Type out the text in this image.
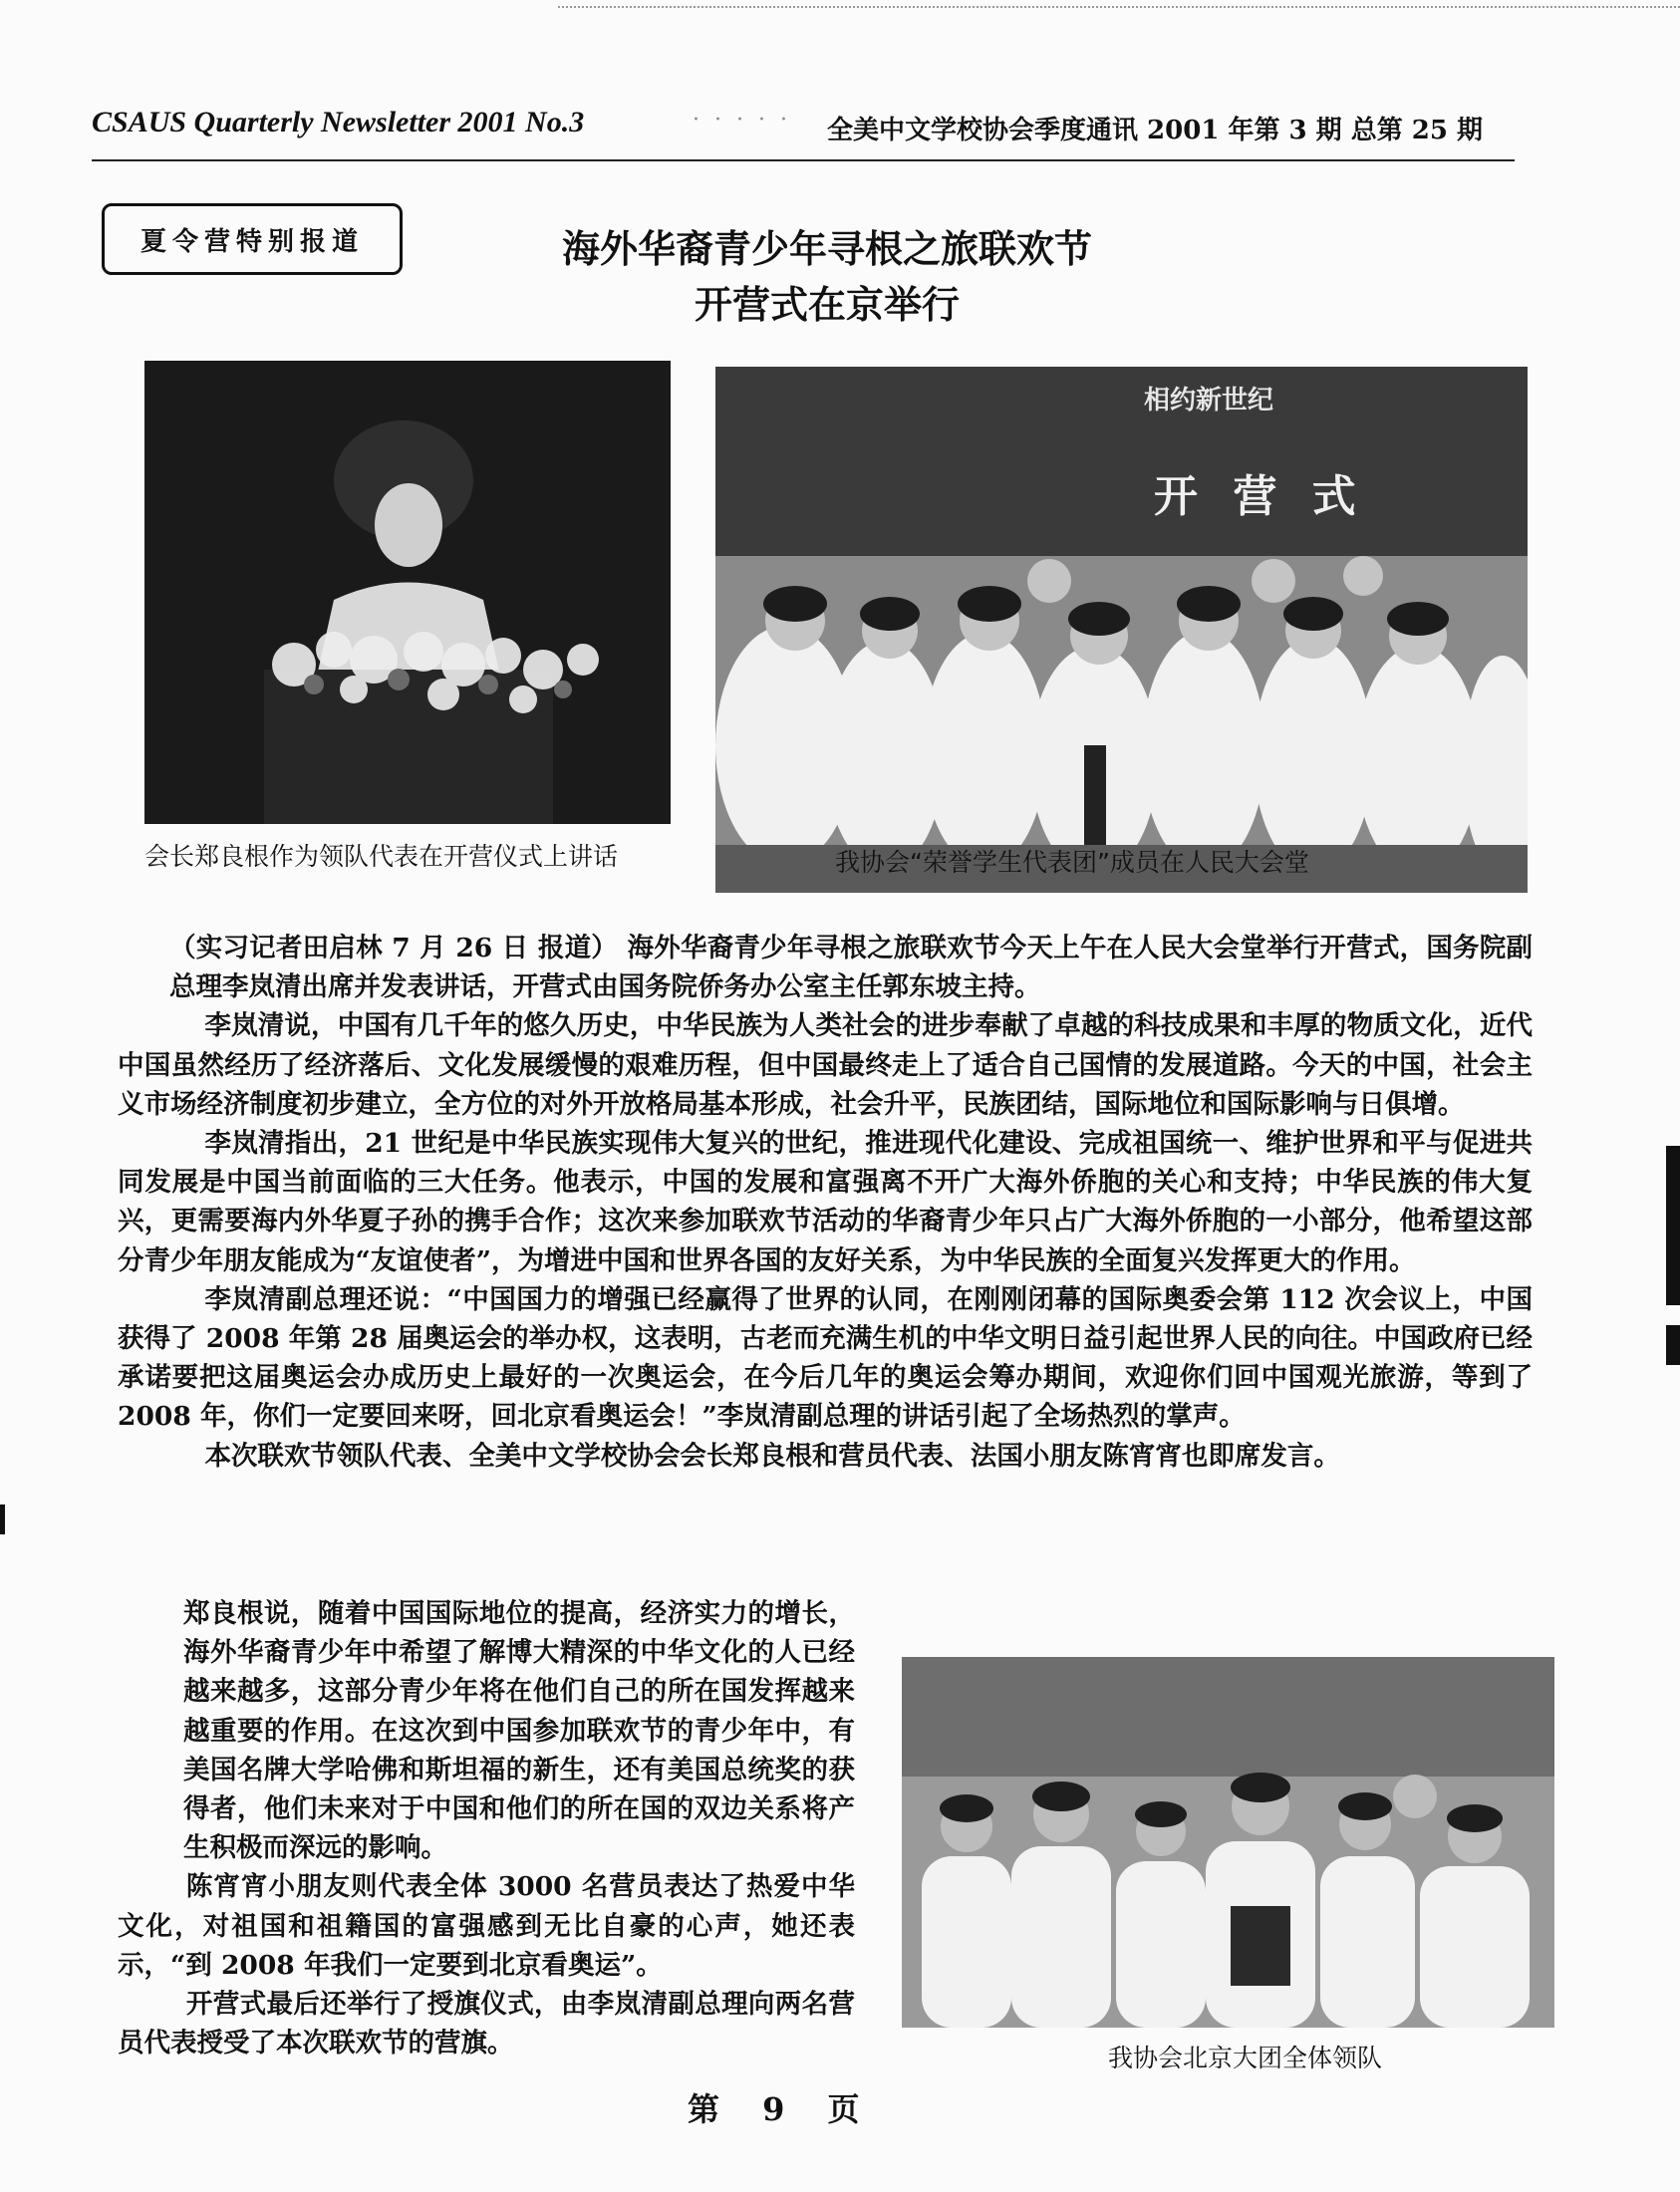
CSAUS Quarterly Newsletter 2001 No.3	· · · · · 全美中文学校协会季度通讯 2001 年第 3 期 总第 25 期
夏令营特别报道	海外华裔青少年寻根之旅联欢节
开营式在京举行
会长郑良根作为领队代表在开营仪式上讲话
相约新世纪
开 营 式
我协会“荣誉学生代表团”成员在人民大会堂

（实习记者田启林 7 月 26 日 报道） 海外华裔青少年寻根之旅联欢节今天上午在人民大会堂举行开营式，国务院副总理李岚清出席并发表讲话，开营式由国务院侨务办公室主任郭东坡主持。

李岚清说，中国有几千年的悠久历史，中华民族为人类社会的进步奉献了卓越的科技成果和丰厚的物质文化，近代中国虽然经历了经济落后、文化发展缓慢的艰难历程，但中国最终走上了适合自己国情的发展道路。今天的中国，社会主义市场经济制度初步建立，全方位的对外开放格局基本形成，社会升平，民族团结，国际地位和国际影响与日俱增。

李岚清指出，21 世纪是中华民族实现伟大复兴的世纪，推进现代化建设、完成祖国统一、维护世界和平与促进共同发展是中国当前面临的三大任务。他表示，中国的发展和富强离不开广大海外侨胞的关心和支持；中华民族的伟大复兴，更需要海内外华夏子孙的携手合作；这次来参加联欢节活动的华裔青少年只占广大海外侨胞的一小部分，他希望这部分青少年朋友能成为“友谊使者”，为增进中国和世界各国的友好关系，为中华民族的全面复兴发挥更大的作用。

李岚清副总理还说：“中国国力的增强已经赢得了世界的认同，在刚刚闭幕的国际奥委会第 112 次会议上，中国获得了 2008 年第 28 届奥运会的举办权，这表明，古老而充满生机的中华文明日益引起世界人民的向往。中国政府已经承诺要把这届奥运会办成历史上最好的一次奥运会，在今后几年的奥运会筹办期间，欢迎你们回中国观光旅游，等到了 2008 年，你们一定要回来呀，回北京看奥运会！”李岚清副总理的讲话引起了全场热烈的掌声。

本次联欢节领队代表、全美中文学校协会会长郑良根和营员代表、法国小朋友陈宵宵也即席发言。

郑良根说，随着中国国际地位的提高，经济实力的增长，海外华裔青少年中希望了解博大精深的中华文化的人已经越来越多，这部分青少年将在他们自己的所在国发挥越来越重要的作用。在这次到中国参加联欢节的青少年中，有美国名牌大学哈佛和斯坦福的新生，还有美国总统奖的获得者，他们未来对于中国和他们的所在国的双边关系将产生积极而深远的影响。

陈宵宵小朋友则代表全体 3000 名营员表达了热爱中华文化，对祖国和祖籍国的富强感到无比自豪的心声，她还表示，“到 2008 年我们一定要到北京看奥运”。

开营式最后还举行了授旗仪式，由李岚清副总理向两名营员代表授受了本次联欢节的营旗。	我协会北京大团全体领队
第 9 页
